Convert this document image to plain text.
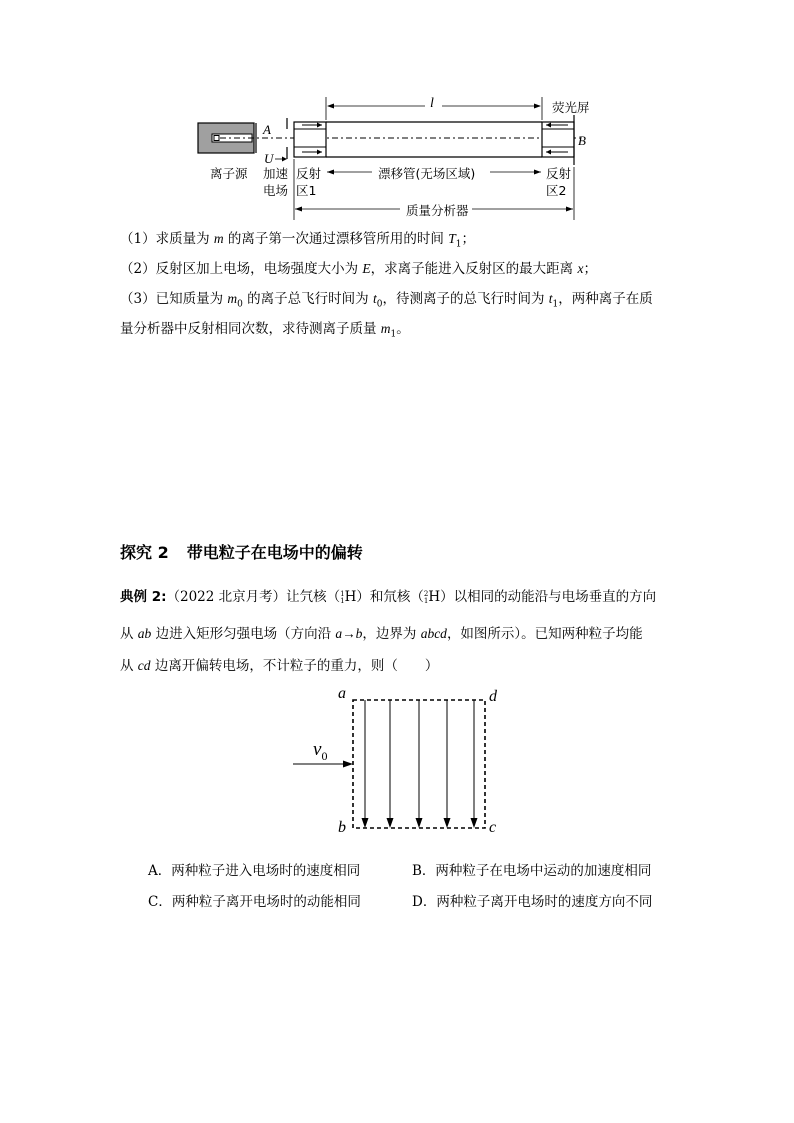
A
B
l
U
荧光屏
离子源 加速
电场
反射
区1
漂移管(无场区域)	反射
区2
质量分析器
（1）求质量为 m 的离子第一次通过漂移管所用的时间 $T_1$；
（2）反射区加上电场，电场强度大小为 E，求离子能进入反射区的最大距离 x；
（3）已知质量为 $m_0$ 的离子总飞行时间为 $t_0$，待测离子的总飞行时间为 $t_1$，两种离子在质
量分析器中反射相同次数，求待测离子质量 $m_1$。
探究 2 带电粒子在电场中的偏转
典例 2:（2022 北京月考）让氕核（1
1H）和氘核（2
1H）以相同的动能沿与电场垂直的方向
从 ab 边进入矩形匀强电场（方向沿 a→b，边界为 abcd，如图所示）。已知两种粒子均能
从 cd 边离开偏转电场，不计粒子的重力，则（　　）
a
b	c
d
$v_0$
A．两种粒子进入电场时的速度相同	B．两种粒子在电场中运动的加速度相同
C．两种粒子离开电场时的动能相同	D．两种粒子离开电场时的速度方向不同
